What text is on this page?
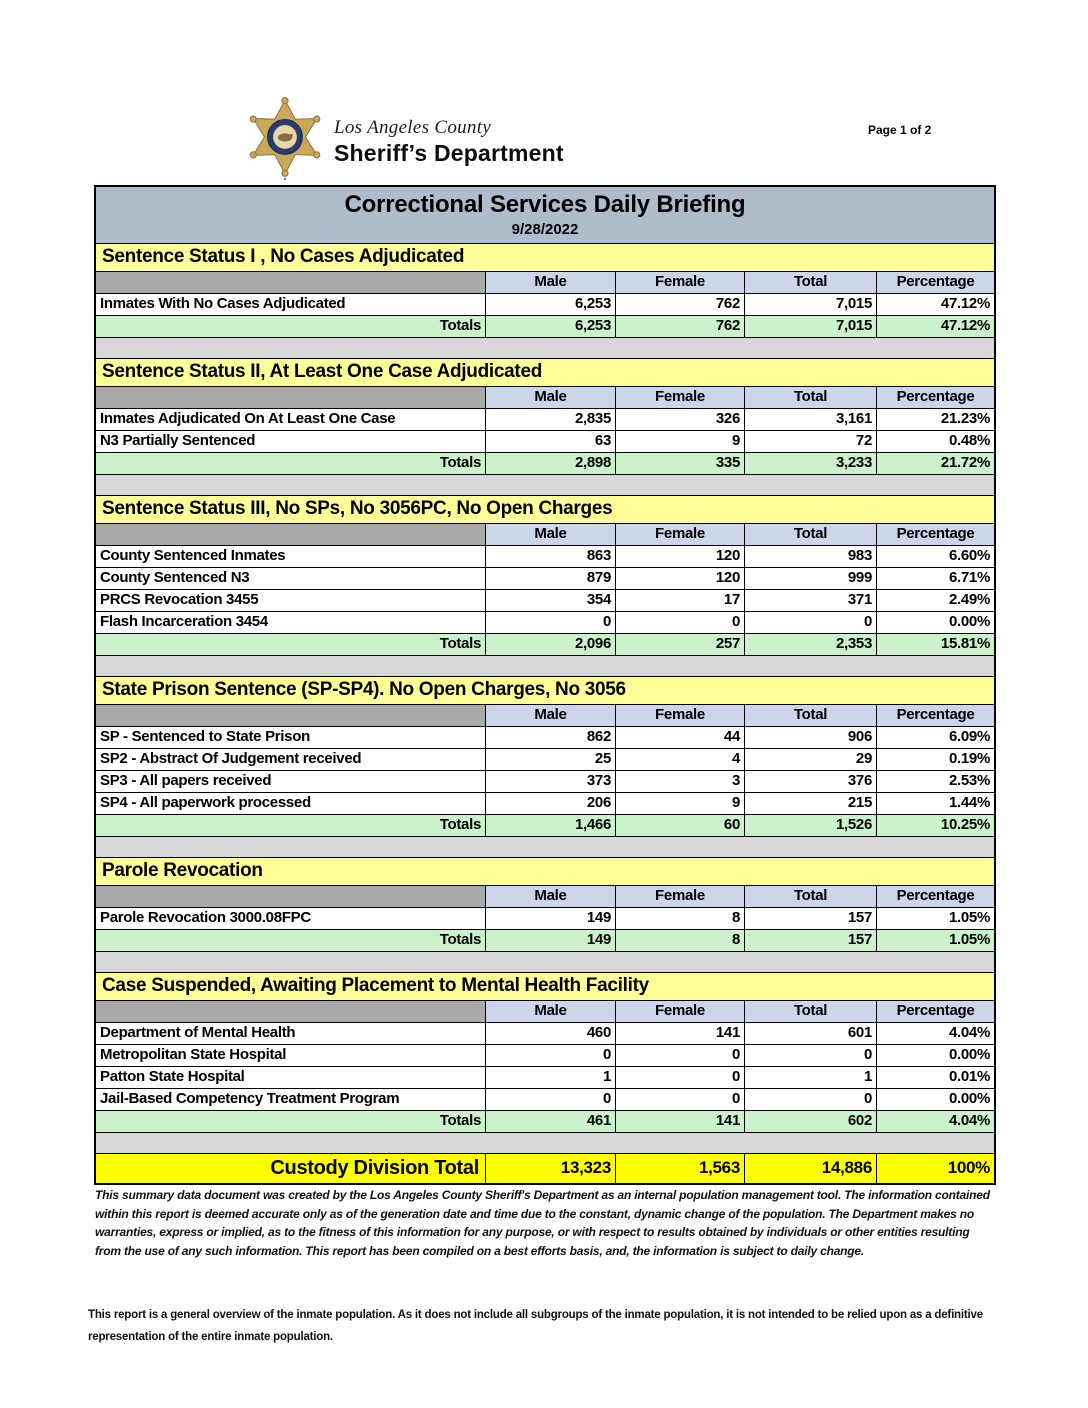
Los Angeles County
Sheriff’s Department
Page 1 of 2
Correctional Services Daily Briefing
9/28/2022
Sentence Status I , No Cases Adjudicated
Male	Female	Total	Percentage
Inmates With No Cases Adjudicated	6,253	762	7,015	47.12%
Totals	6,253	762	7,015	47.12%
Sentence Status II, At Least One Case Adjudicated
Male	Female	Total	Percentage
Inmates Adjudicated On At Least One Case	2,835	326	3,161	21.23%
N3 Partially Sentenced	63	9	72	0.48%
Totals	2,898	335	3,233	21.72%
Sentence Status III, No SPs, No 3056PC, No Open Charges
Male	Female	Total	Percentage
County Sentenced Inmates	863	120	983	6.60%
County Sentenced N3	879	120	999	6.71%
PRCS Revocation 3455	354	17	371	2.49%
Flash Incarceration 3454	0	0	0	0.00%
Totals	2,096	257	2,353	15.81%
State Prison Sentence (SP-SP4). No Open Charges, No 3056
Male	Female	Total	Percentage
SP - Sentenced to State Prison	862	44	906	6.09%
SP2 - Abstract Of Judgement received	25	4	29	0.19%
SP3 - All papers received	373	3	376	2.53%
SP4 - All paperwork processed	206	9	215	1.44%
Totals	1,466	60	1,526	10.25%
Parole Revocation
Male	Female	Total	Percentage
Parole Revocation 3000.08FPC	149	8	157	1.05%
Totals	149	8	157	1.05%
Case Suspended, Awaiting Placement to Mental Health Facility
Male	Female	Total	Percentage
Department of Mental Health	460	141	601	4.04%
Metropolitan State Hospital	0	0	0	0.00%
Patton State Hospital	1	0	1	0.01%
Jail-Based Competency Treatment Program	0	0	0	0.00%
Totals	461	141	602	4.04%
Custody Division Total	13,323	1,563	14,886	100%

This summary data document was created by the Los Angeles County Sheriff's Department as an internal population management tool. The information contained within this report is deemed accurate only as of the generation date and time due to the constant, dynamic change of the population. The Department makes no warranties, express or implied, as to the fitness of this information for any purpose, or with respect to results obtained by individuals or other entities resulting from the use of any such information. This report has been compiled on a best efforts basis, and, the information is subject to daily change.

This report is a general overview of the inmate population. As it does not include all subgroups of the inmate population, it is not intended to be relied upon as a definitive representation of the entire inmate population.
